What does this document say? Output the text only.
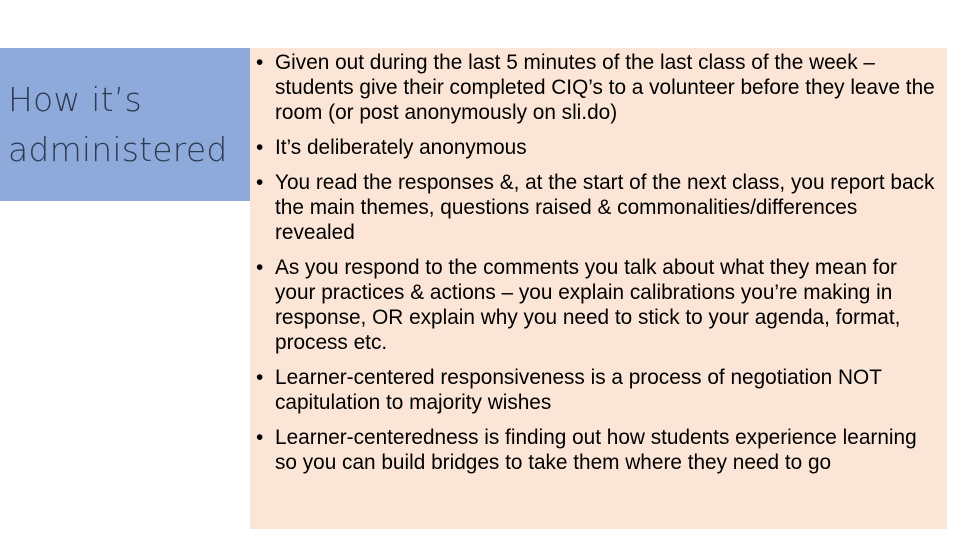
How it’s
administered
• Given out during the last 5 minutes of the last class of the week – students give their completed CIQ’s to a volunteer before they leave the room (or post anonymously on sli.do)
• It’s deliberately anonymous
• You read the responses &, at the start of the next class, you report back the main themes, questions raised & commonalities/differences revealed
• As you respond to the comments you talk about what they mean for your practices & actions – you explain calibrations you’re making in response, OR explain why you need to stick to your agenda, format, process etc.
• Learner-centered responsiveness is a process of negotiation NOT capitulation to majority wishes
• Learner-centeredness is finding out how students experience learning so you can build bridges to take them where they need to go
